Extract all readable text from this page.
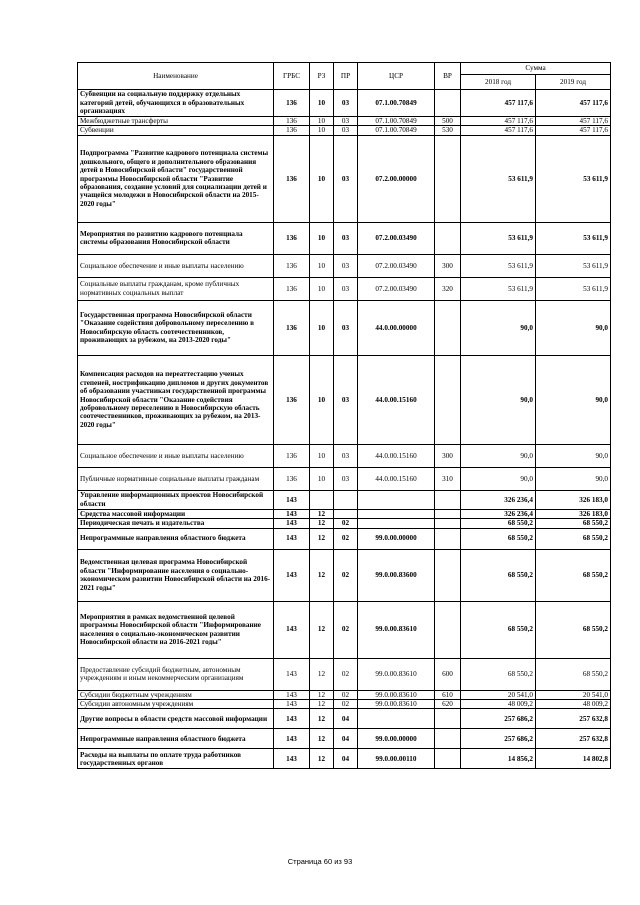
Наименование	ГРБС	РЗ	ПР	ЦСР	ВР	Сумма	
						2018 год	2019 год
Субвенции на социальную поддержку отдельных категорий детей, обучающихся в образовательных организациях	136	10	03	07.1.00.70849		457 117,6	457 117,6
Межбюджетные трансферты	136	10	03	07.1.00.70849	500	457 117,6	457 117,6
Субвенции	136	10	03	07.1.00.70849	530	457 117,6	457 117,6
Подпрограмма "Развитие кадрового потенциала системы дошкольного, общего и дополнительного образования детей в Новосибирской области" государственной программы Новосибирской области "Развитие образования, создание условий для социализации детей и учащейся молодежи в Новосибирской области на 2015-2020 годы"	136	10	03	07.2.00.00000		53 611,9	53 611,9
Мероприятия по развитию кадрового потенциала системы образования Новосибирской области	136	10	03	07.2.00.03490		53 611,9	53 611,9
Социальное обеспечение и иные выплаты населению	136	10	03	07.2.00.03490	300	53 611,9	53 611,9
Социальные выплаты гражданам, кроме публичных нормативных социальных выплат	136	10	03	07.2.00.03490	320	53 611,9	53 611,9
Государственная программа Новосибирской области "Оказание содействия добровольному переселению в Новосибирскую область соотечественников, проживающих за рубежом, на 2013-2020 годы"	136	10	03	44.0.00.00000		90,0	90,0
Компенсация расходов на переаттестацию ученых степеней, нострификацию дипломов и других документов об образовании участникам государственной программы Новосибирской области "Оказание содействия добровольному переселению в Новосибирскую область соотечественников, проживающих за рубежом, на 2013-2020 годы"	136	10	03	44.0.00.15160		90,0	90,0
Социальное обеспечение и иные выплаты населению	136	10	03	44.0.00.15160	300	90,0	90,0
Публичные нормативные социальные выплаты гражданам	136	10	03	44.0.00.15160	310	90,0	90,0
Управление информационных проектов Новосибирской области	143					326 236,4	326 183,0
Средства массовой информации	143	12				326 236,4	326 183,0
Периодическая печать и издательства	143	12	02			68 550,2	68 550,2
Непрограммные направления областного бюджета	143	12	02	99.0.00.00000		68 550,2	68 550,2
Ведомственная целевая программа Новосибирской области "Информирование населения о социально-экономическом развитии Новосибирской области на 2016-2021 годы"	143	12	02	99.0.00.83600		68 550,2	68 550,2
Мероприятия в рамках ведомственной целевой программы Новосибирской области "Информирование населения о социально-экономическом развитии Новосибирской области на 2016-2021 годы"	143	12	02	99.0.00.83610		68 550,2	68 550,2
Предоставление субсидий бюджетным, автономным учреждениям и иным некоммерческим организациям	143	12	02	99.0.00.83610	600	68 550,2	68 550,2
Субсидии бюджетным учреждениям	143	12	02	99.0.00.83610	610	20 541,0	20 541,0
Субсидии автономным учреждениям	143	12	02	99.0.00.83610	620	48 009,2	48 009,2
Другие вопросы в области средств массовой информации	143	12	04			257 686,2	257 632,8
Непрограммные направления областного бюджета	143	12	04	99.0.00.00000		257 686,2	257 632,8
Расходы на выплаты по оплате труда работников государственных органов	143	12	04	99.0.00.00110		14 856,2	14 802,8
Страница 60 из 93
